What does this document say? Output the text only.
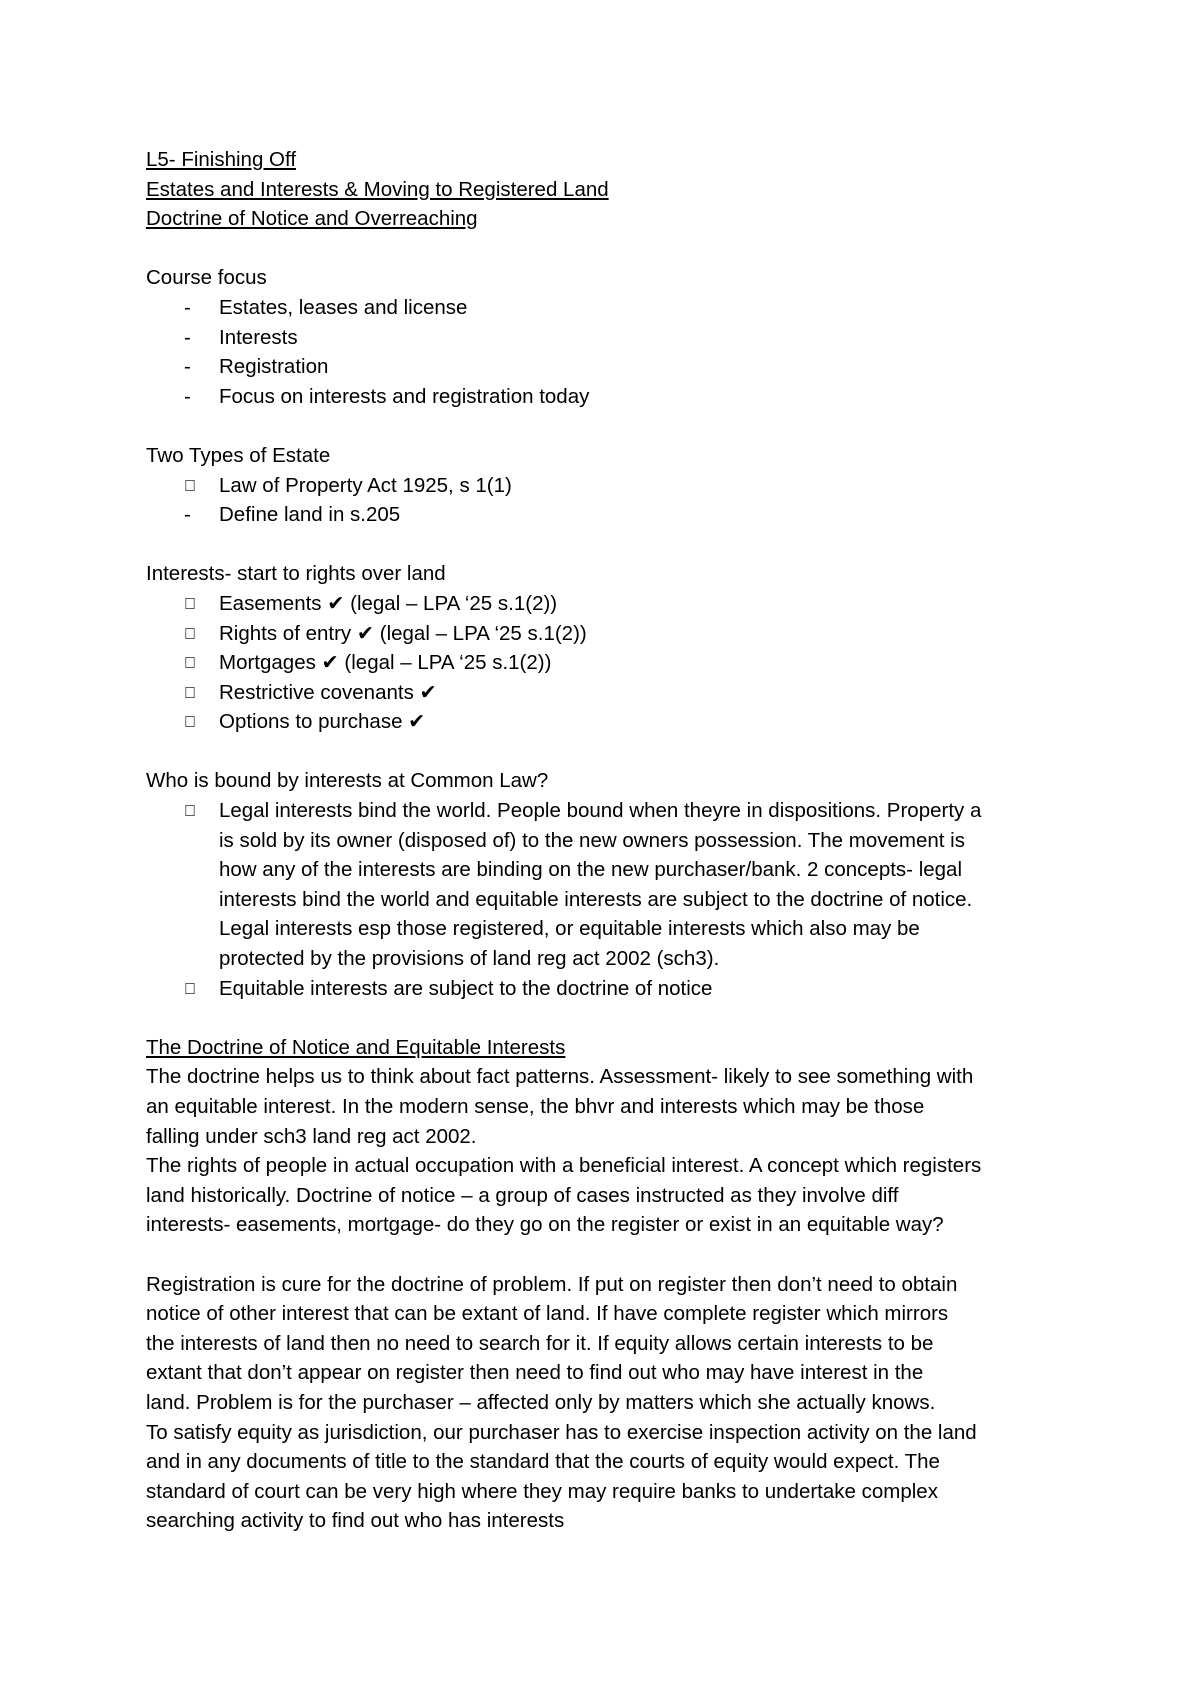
L5- Finishing Off
Estates and Interests & Moving to Registered Land
Doctrine of Notice and Overreaching
Course focus
-	Estates, leases and license
-	Interests
-	Registration
-	Focus on interests and registration today
Two Types of Estate
Law of Property Act 1925, s 1(1)
-	Define land in s.205
Interests- start to rights over land
Easements ✔ (legal – LPA ‘25 s.1(2))
Rights of entry ✔ (legal – LPA ‘25 s.1(2))
Mortgages ✔ (legal – LPA ‘25 s.1(2))
Restrictive covenants ✔
Options to purchase ✔
Who is bound by interests at Common Law?
Legal interests bind the world. People bound when theyre in dispositions. Property a
is sold by its owner (disposed of) to the new owners possession. The movement is
how any of the interests are binding on the new purchaser/bank. 2 concepts- legal
interests bind the world and equitable interests are subject to the doctrine of notice.
Legal interests esp those registered, or equitable interests which also may be
protected by the provisions of land reg act 2002 (sch3).
Equitable interests are subject to the doctrine of notice
The Doctrine of Notice and Equitable Interests
The doctrine helps us to think about fact patterns. Assessment- likely to see something with
an equitable interest. In the modern sense, the bhvr and interests which may be those
falling under sch3 land reg act 2002.
The rights of people in actual occupation with a beneficial interest. A concept which registers
land historically. Doctrine of notice – a group of cases instructed as they involve diff
interests- easements, mortgage- do they go on the register or exist in an equitable way?
Registration is cure for the doctrine of problem. If put on register then don’t need to obtain
notice of other interest that can be extant of land. If have complete register which mirrors
the interests of land then no need to search for it. If equity allows certain interests to be
extant that don’t appear on register then need to find out who may have interest in the
land. Problem is for the purchaser – affected only by matters which she actually knows.
To satisfy equity as jurisdiction, our purchaser has to exercise inspection activity on the land
and in any documents of title to the standard that the courts of equity would expect. The
standard of court can be very high where they may require banks to undertake complex
searching activity to find out who has interests
